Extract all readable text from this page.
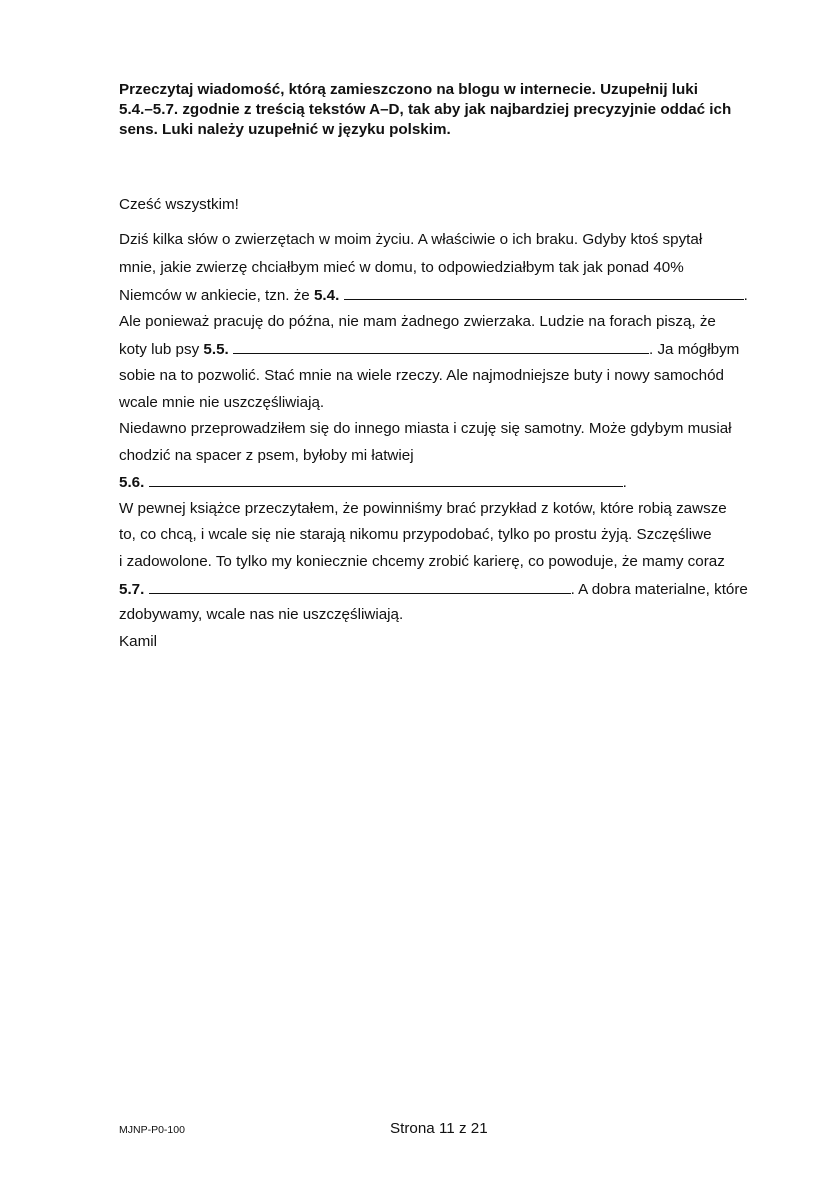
Przeczytaj wiadomość, którą zamieszczono na blogu w internecie. Uzupełnij luki
5.4.–5.7. zgodnie z treścią tekstów A–D, tak aby jak najbardziej precyzyjnie oddać ich
sens. Luki należy uzupełnić w języku polskim.
Cześć wszystkim!
Dziś kilka słów o zwierzętach w moim życiu. A właściwie o ich braku. Gdyby ktoś spytał
mnie, jakie zwierzę chciałbym mieć w domu, to odpowiedziałbym tak jak ponad 40%
Niemców w ankiecie, tzn. że 5.4.	.
Ale ponieważ pracuję do późna, nie mam żadnego zwierzaka. Ludzie na forach piszą, że
koty lub psy 5.5.	. Ja mógłbym
sobie na to pozwolić. Stać mnie na wiele rzeczy. Ale najmodniejsze buty i nowy samochód
wcale mnie nie uszczęśliwiają.
Niedawno przeprowadziłem się do innego miasta i czuję się samotny. Może gdybym musiał
chodzić na spacer z psem, byłoby mi łatwiej
5.6.	.
W pewnej książce przeczytałem, że powinniśmy brać przykład z kotów, które robią zawsze
to, co chcą, i wcale się nie starają nikomu przypodobać, tylko po prostu żyją. Szczęśliwe
i zadowolone. To tylko my koniecznie chcemy zrobić karierę, co powoduje, że mamy coraz
5.7.	. A dobra materialne, które
zdobywamy, wcale nas nie uszczęśliwiają.
Kamil
MJNP-P0-100	Strona 11 z 21
